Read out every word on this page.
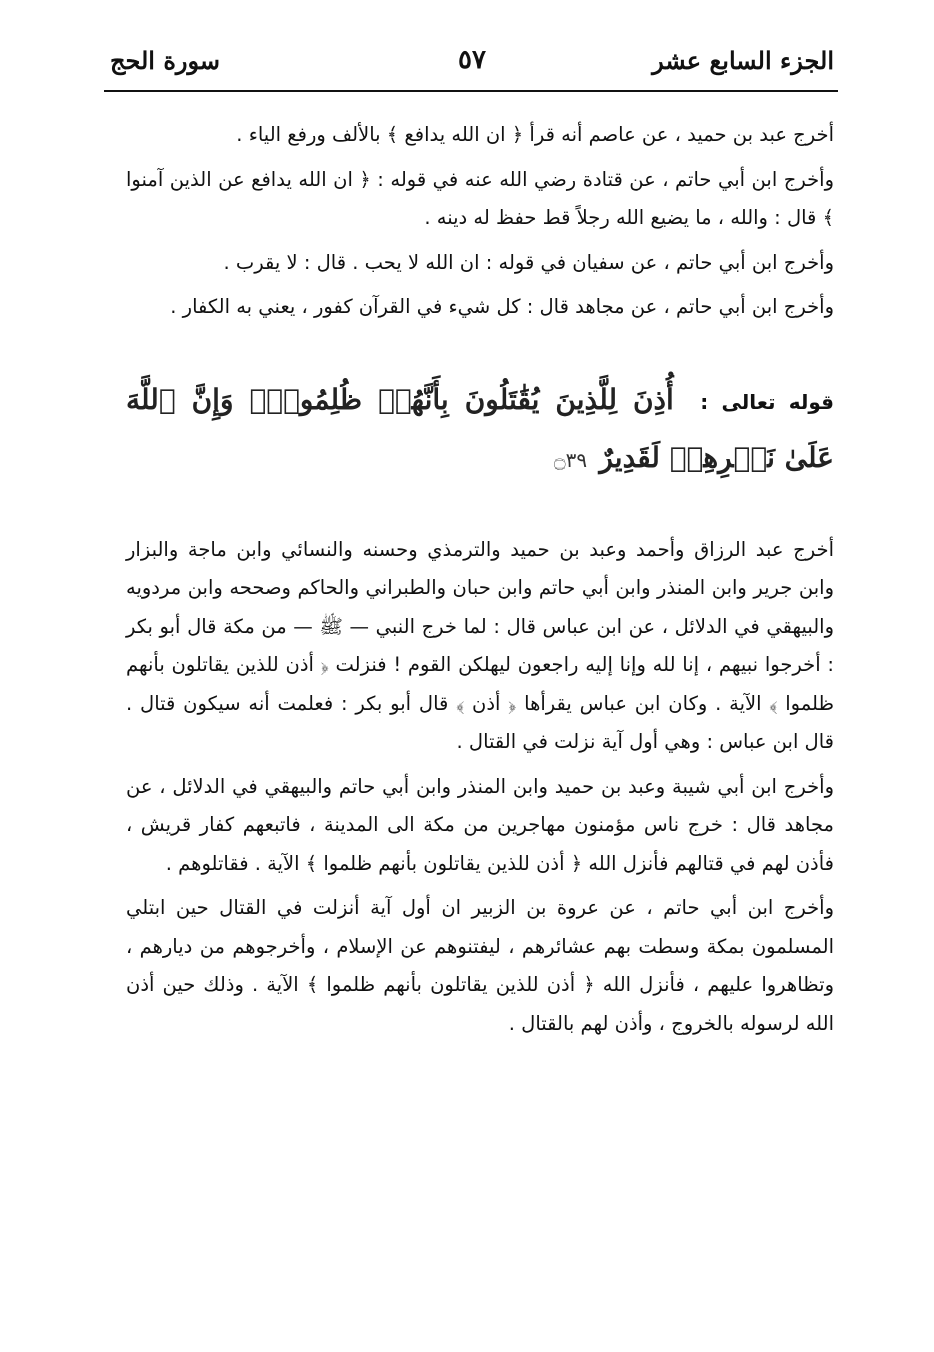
الجزء السابع عشر
٥٧
سورة الحج

أخرج عبد بن حميد ، عن عاصم أنه قرأ ﴿ ان الله يدافع ﴾ بالألف ورفع الياء .

وأخرج ابن أبي حاتم ، عن قتادة رضي الله عنه في قوله : ﴿ ان الله يدافع عن الذين آمنوا ﴾ قال : والله ، ما يضيع الله رجلاً قط حفظ له دينه .

وأخرج ابن أبي حاتم ، عن سفيان في قوله : ان الله لا يحب . قال : لا يقرب .

وأخرج ابن أبي حاتم ، عن مجاهد قال : كل شيء في القرآن كفور ، يعني به الكفار .

قوله تعالى : أُذِنَ لِلَّذِينَ يُقَٰتَلُونَ بِأَنَّهُمۡ ظُلِمُواْۚ وَإِنَّ ٱللَّهَ عَلَىٰ نَصۡرِهِمۡ لَقَدِيرٌ ۝٣٩

أخرج عبد الرزاق وأحمد وعبد بن حميد والترمذي وحسنه والنسائي وابن ماجة والبزار وابن جرير وابن المنذر وابن أبي حاتم وابن حبان والطبراني والحاكم وصححه وابن مردويه والبيهقي في الدلائل ، عن ابن عباس قال : لما خرج النبي — ﷺ — من مكة قال أبو بكر : أخرجوا نبيهم ، إنا لله وإنا إليه راجعون ليهلكن القوم ! فنزلت ﴿ أذن للذين يقاتلون بأنهم ظلموا ﴾ الآية . وكان ابن عباس يقرأها ﴿ أذن ﴾ قال أبو بكر : فعلمت أنه سيكون قتال . قال ابن عباس : وهي أول آية نزلت في القتال .

وأخرج ابن أبي شيبة وعبد بن حميد وابن المنذر وابن أبي حاتم والبيهقي في الدلائل ، عن مجاهد قال : خرج ناس مؤمنون مهاجرين من مكة الى المدينة ، فاتبعهم كفار قريش ، فأذن لهم في قتالهم فأنزل الله ﴿ أذن للذين يقاتلون بأنهم ظلموا ﴾ الآية . فقاتلوهم .

وأخرج ابن أبي حاتم ، عن عروة بن الزبير ان أول آية أنزلت في القتال حين ابتلي المسلمون بمكة وسطت بهم عشائرهم ، ليفتنوهم عن الإسلام ، وأخرجوهم من ديارهم ، وتظاهروا عليهم ، فأنزل الله ﴿ أذن للذين يقاتلون بأنهم ظلموا ﴾ الآية . وذلك حين أذن الله لرسوله بالخروج ، وأذن لهم بالقتال .
